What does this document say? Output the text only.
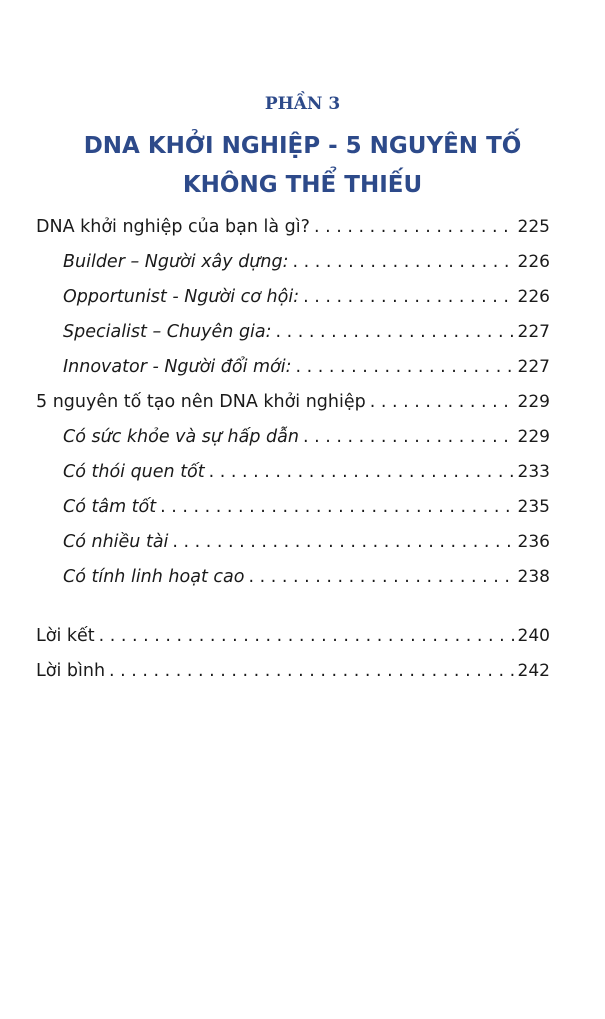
PHẦN 3
DNA KHỞI NGHIỆP - 5 NGUYÊN TỐ
KHÔNG THỂ THIẾU
DNA khởi nghiệp của bạn là gì? . . .	225
Builder – Người xây dựng: . . .	226
Opportunist - Người cơ hội: . . .	226
Specialist – Chuyên gia: . . .	227
Innovator - Người đổi mới: . . .	227
5 nguyên tố tạo nên DNA khởi nghiệp . . .	229
Có sức khỏe và sự hấp dẫn . . .	229
Có thói quen tốt . . .	233
Có tâm tốt . . .	235
Có nhiều tài . . .	236
Có tính linh hoạt cao . . .	238
Lời kết . . .	240
Lời bình . . .	242
